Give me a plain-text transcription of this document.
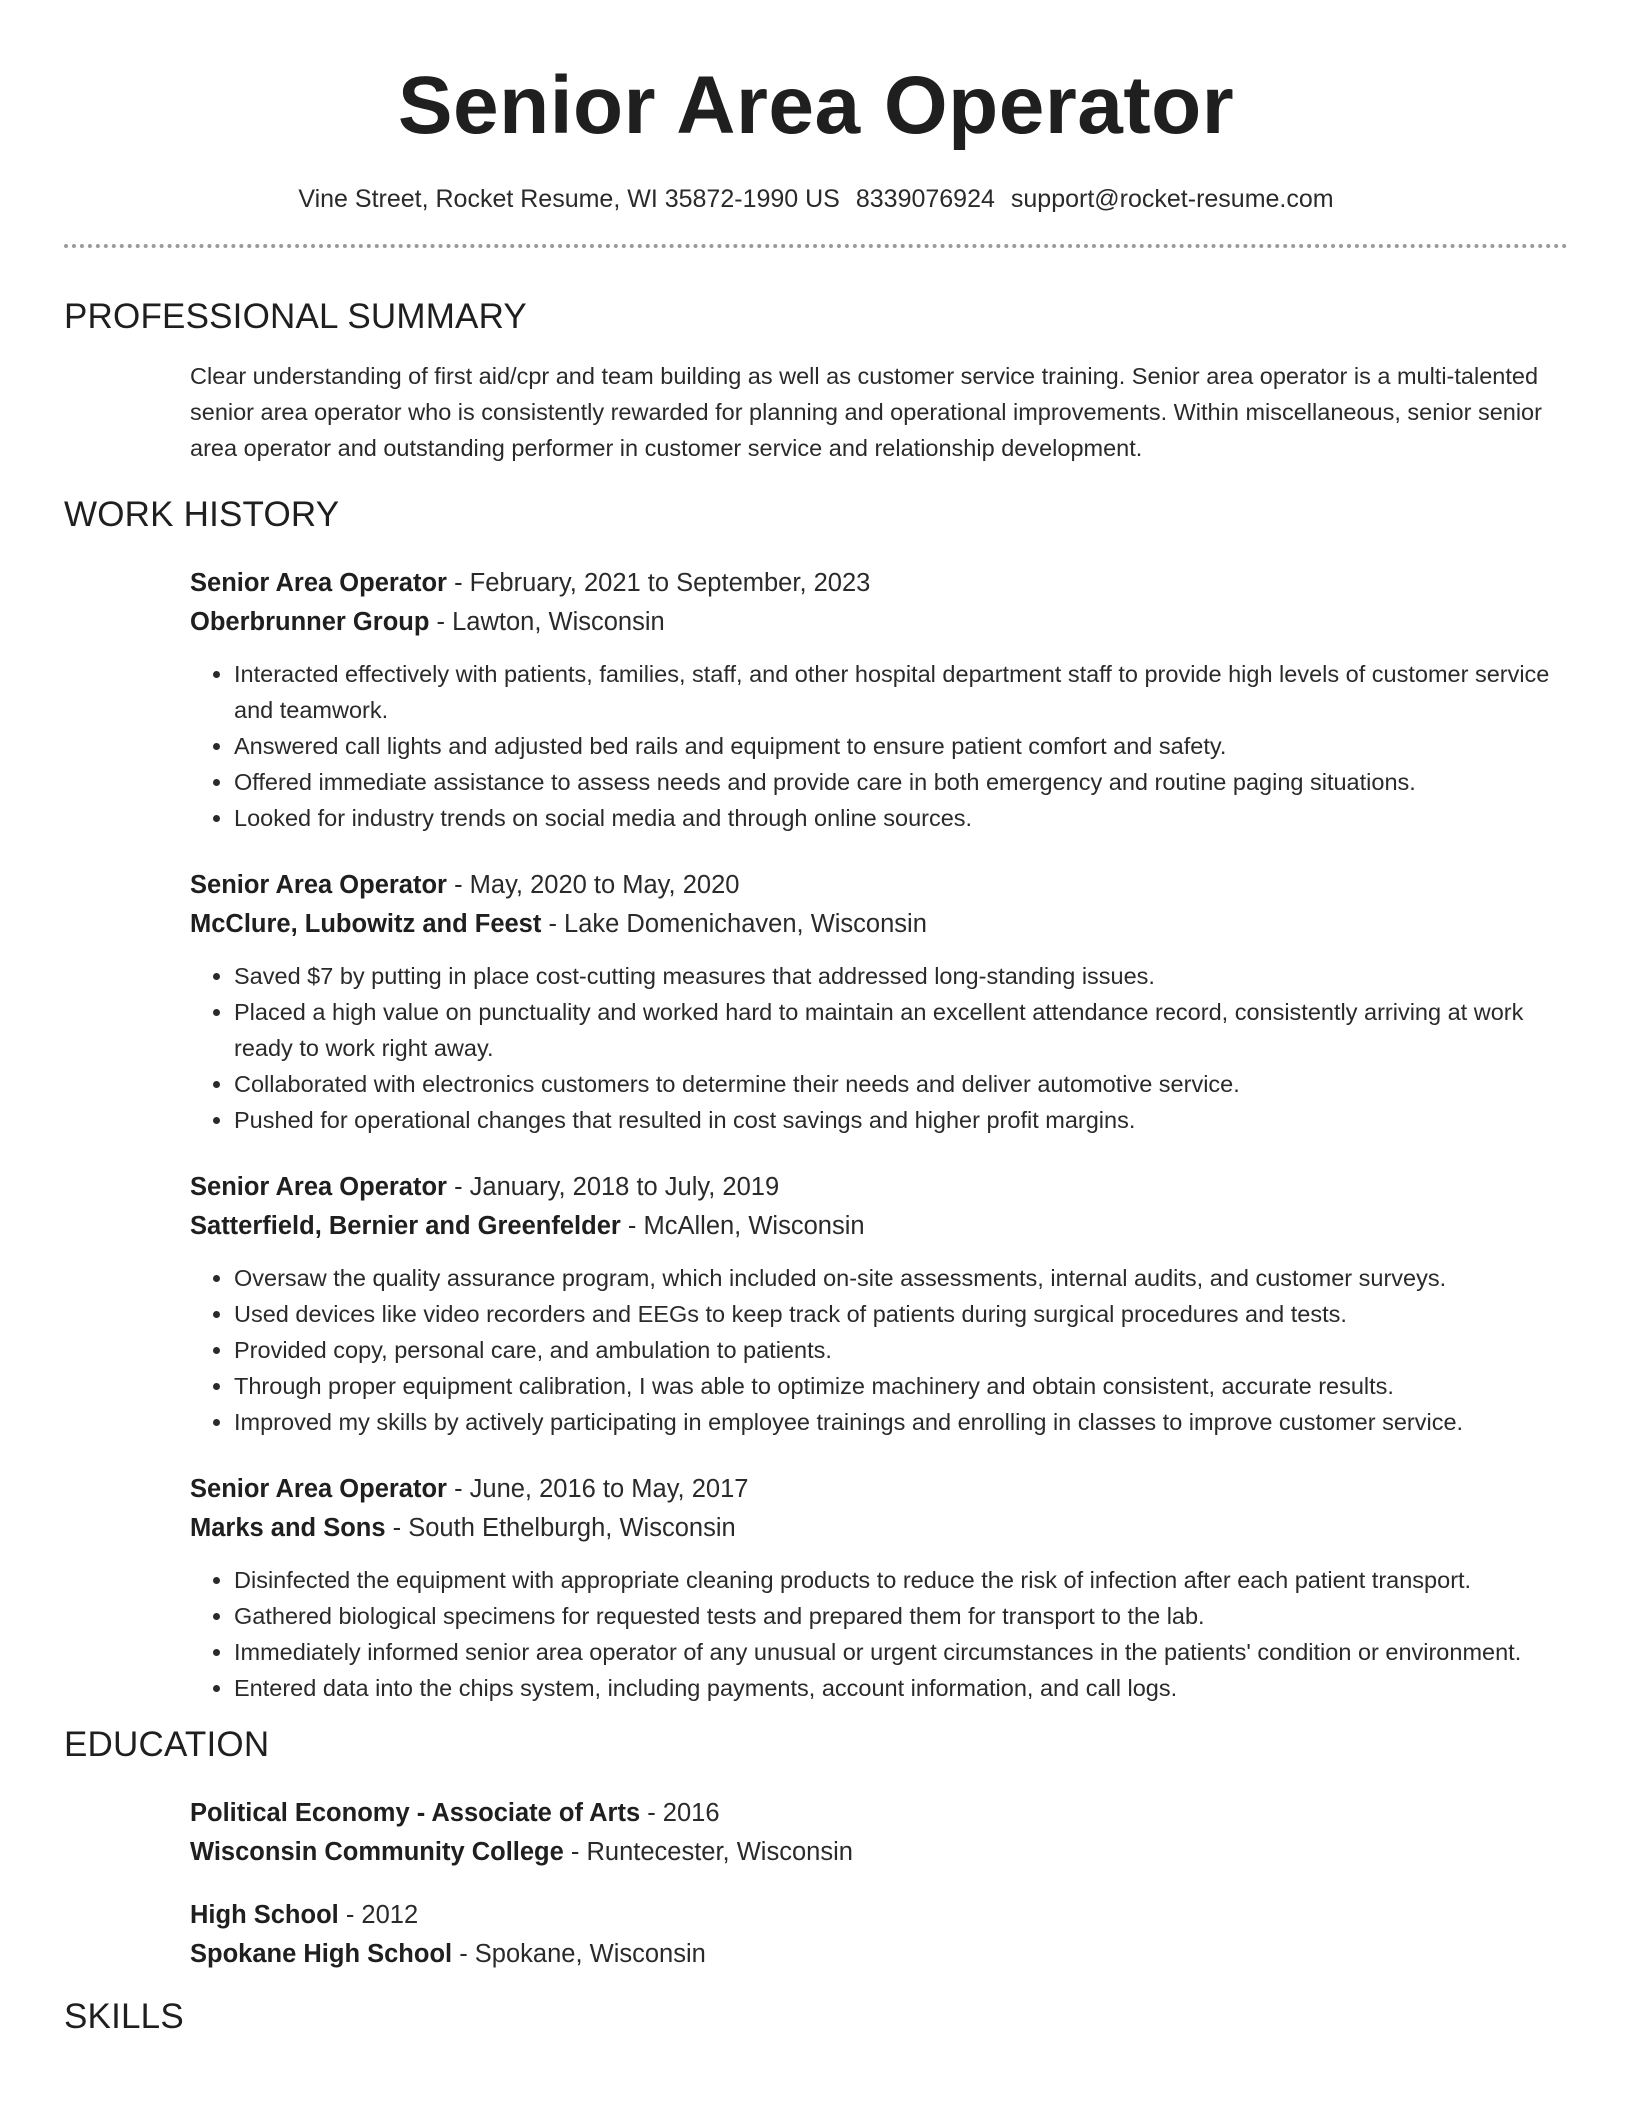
Senior Area Operator
Vine Street, Rocket Resume, WI 35872-1990 US 8339076924 support@rocket-resume.com
PROFESSIONAL SUMMARY

Clear understanding of first aid/cpr and team building as well as customer service training. Senior area operator is a multi-talented senior area operator who is consistently rewarded for planning and operational improvements. Within miscellaneous, senior senior area operator and outstanding performer in customer service and relationship development.

WORK HISTORY
Senior Area Operator - February, 2021 to September, 2023
Oberbrunner Group - Lawton, Wisconsin
• Interacted effectively with patients, families, staff, and other hospital department staff to provide high levels of customer service and teamwork.
• Answered call lights and adjusted bed rails and equipment to ensure patient comfort and safety.
• Offered immediate assistance to assess needs and provide care in both emergency and routine paging situations.
• Looked for industry trends on social media and through online sources.
Senior Area Operator - May, 2020 to May, 2020
McClure, Lubowitz and Feest - Lake Domenichaven, Wisconsin
• Saved $7 by putting in place cost-cutting measures that addressed long-standing issues.
• Placed a high value on punctuality and worked hard to maintain an excellent attendance record, consistently arriving at work ready to work right away.
• Collaborated with electronics customers to determine their needs and deliver automotive service.
• Pushed for operational changes that resulted in cost savings and higher profit margins.
Senior Area Operator - January, 2018 to July, 2019
Satterfield, Bernier and Greenfelder - McAllen, Wisconsin
• Oversaw the quality assurance program, which included on-site assessments, internal audits, and customer surveys.
• Used devices like video recorders and EEGs to keep track of patients during surgical procedures and tests.
• Provided copy, personal care, and ambulation to patients.
• Through proper equipment calibration, I was able to optimize machinery and obtain consistent, accurate results.
• Improved my skills by actively participating in employee trainings and enrolling in classes to improve customer service.
Senior Area Operator - June, 2016 to May, 2017
Marks and Sons - South Ethelburgh, Wisconsin
• Disinfected the equipment with appropriate cleaning products to reduce the risk of infection after each patient transport.
• Gathered biological specimens for requested tests and prepared them for transport to the lab.
• Immediately informed senior area operator of any unusual or urgent circumstances in the patients' condition or environment.
• Entered data into the chips system, including payments, account information, and call logs.
EDUCATION
Political Economy - Associate of Arts - 2016
Wisconsin Community College - Runtecester, Wisconsin
High School - 2012
Spokane High School - Spokane, Wisconsin
SKILLS
